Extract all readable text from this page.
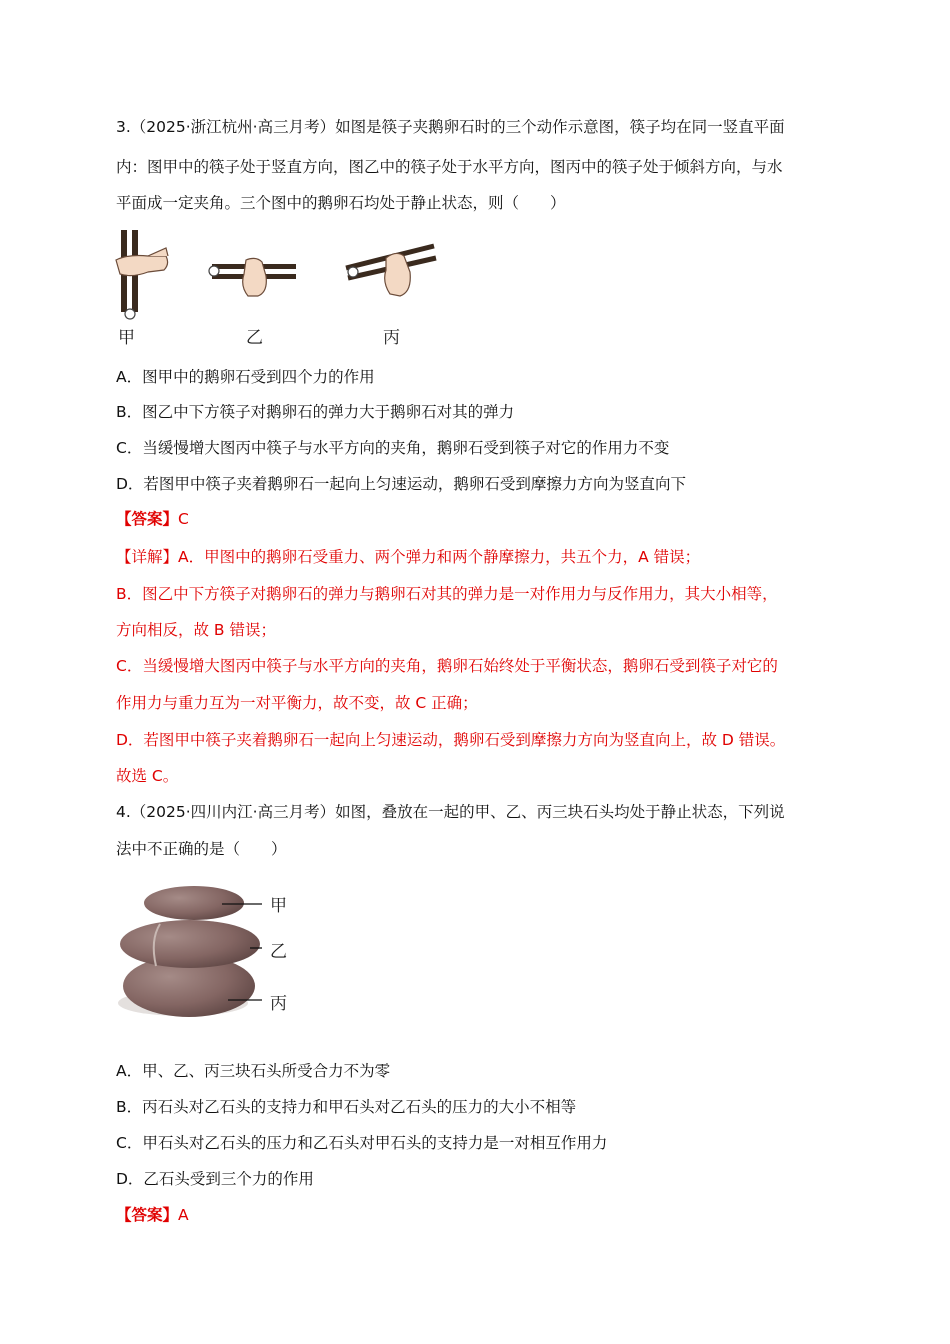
3.（2025·浙江杭州·高三月考）如图是筷子夹鹅卵石时的三个动作示意图，筷子均在同一竖直平面
内：图甲中的筷子处于竖直方向，图乙中的筷子处于水平方向，图丙中的筷子处于倾斜方向，与水
平面成一定夹角。三个图中的鹅卵石均处于静止状态，则（　　）
甲	乙	丙
A．图甲中的鹅卵石受到四个力的作用
B．图乙中下方筷子对鹅卵石的弹力大于鹅卵石对其的弹力
C．当缓慢增大图丙中筷子与水平方向的夹角，鹅卵石受到筷子对它的作用力不变
D．若图甲中筷子夹着鹅卵石一起向上匀速运动，鹅卵石受到摩擦力方向为竖直向下
【答案】C
【详解】A．甲图中的鹅卵石受重力、两个弹力和两个静摩擦力，共五个力，A 错误；
B．图乙中下方筷子对鹅卵石的弹力与鹅卵石对其的弹力是一对作用力与反作用力，其大小相等，
方向相反，故 B 错误；
C．当缓慢增大图丙中筷子与水平方向的夹角，鹅卵石始终处于平衡状态，鹅卵石受到筷子对它的
作用力与重力互为一对平衡力，故不变，故 C 正确；
D．若图甲中筷子夹着鹅卵石一起向上匀速运动，鹅卵石受到摩擦力方向为竖直向上，故 D 错误。
故选 C。
4.（2025·四川内江·高三月考）如图，叠放在一起的甲、乙、丙三块石头均处于静止状态，下列说
法中不正确的是（　　）
甲
乙
丙
A．甲、乙、丙三块石头所受合力不为零
B．丙石头对乙石头的支持力和甲石头对乙石头的压力的大小不相等
C．甲石头对乙石头的压力和乙石头对甲石头的支持力是一对相互作用力
D．乙石头受到三个力的作用
【答案】A
